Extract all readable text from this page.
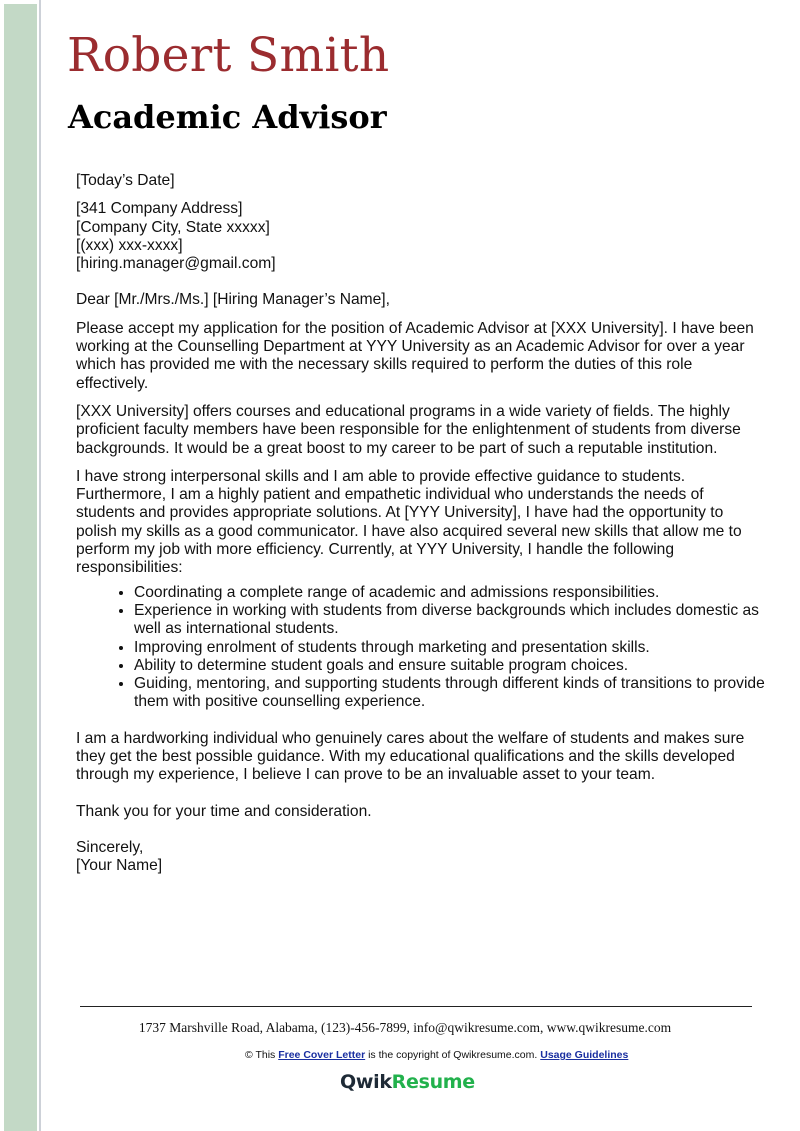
Robert Smith
Academic Advisor

[Today’s Date]

[341 Company Address]

[Company City, State xxxxx]

[(xxx) xxx-xxxx]

[hiring.manager@gmail.com]

Dear [Mr./Mrs./Ms.] [Hiring Manager’s Name],

Please accept my application for the position of Academic Advisor at [XXX University]. I have been working at the Counselling Department at YYY University as an Academic Advisor for over a year which has provided me with the necessary skills required to perform the duties of this role effectively.

[XXX University] offers courses and educational programs in a wide variety of fields. The highly proficient faculty members have been responsible for the enlightenment of students from diverse backgrounds. It would be a great boost to my career to be part of such a reputable institution.

I have strong interpersonal skills and I am able to provide effective guidance to students. Furthermore, I am a highly patient and empathetic individual who understands the needs of students and provides appropriate solutions. At [YYY University], I have had the opportunity to polish my skills as a good communicator. I have also acquired several new skills that allow me to perform my job with more efficiency. Currently, at YYY University, I handle the following responsibilities:

• Coordinating a complete range of academic and admissions responsibilities.
• Experience in working with students from diverse backgrounds which includes domestic as well as international students.
• Improving enrolment of students through marketing and presentation skills.
• Ability to determine student goals and ensure suitable program choices.
• Guiding, mentoring, and supporting students through different kinds of transitions to provide them with positive counselling experience.

I am a hardworking individual who genuinely cares about the welfare of students and makes sure they get the best possible guidance. With my educational qualifications and the skills developed through my experience, I believe I can prove to be an invaluable asset to your team.

Thank you for your time and consideration.

Sincerely,

[Your Name]

1737 Marshville Road, Alabama, (123)-456-7899, info@qwikresume.com, www.qwikresume.com
© This Free Cover Letter is the copyright of Qwikresume.com. Usage Guidelines
QwikResume
